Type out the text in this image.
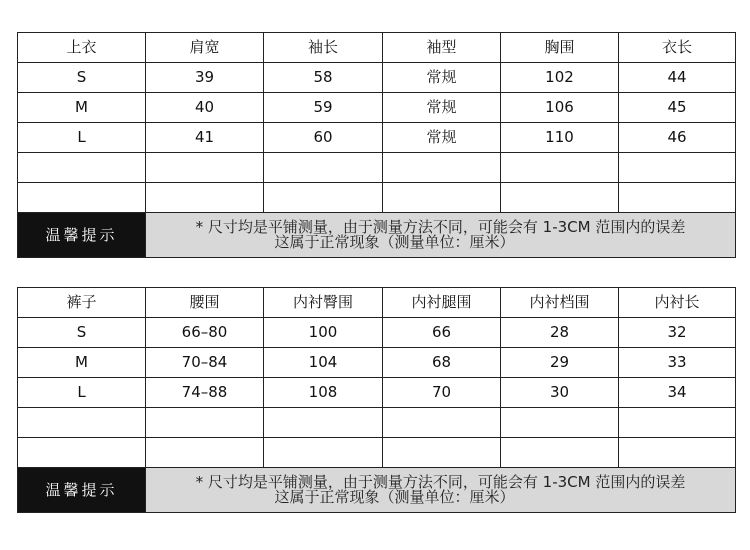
上衣	肩宽	袖长	袖型	胸围	衣长
S	39	58	常规	102	44
M	40	59	常规	106	45
L	41	60	常规	110	46

温馨提示	* 尺寸均是平铺测量，由于测量方法不同，可能会有 1-3CM 范围内的误差
这属于正常现象（测量单位：厘米）				
裤子	腰围	内衬臀围	内衬腿围	内衬档围	内衬长
S	66–80	100	66	28	32
M	70–84	104	68	29	33
L	74–88	108	70	30	34

温馨提示	* 尺寸均是平铺测量，由于测量方法不同，可能会有 1-3CM 范围内的误差
这属于正常现象（测量单位：厘米）				
